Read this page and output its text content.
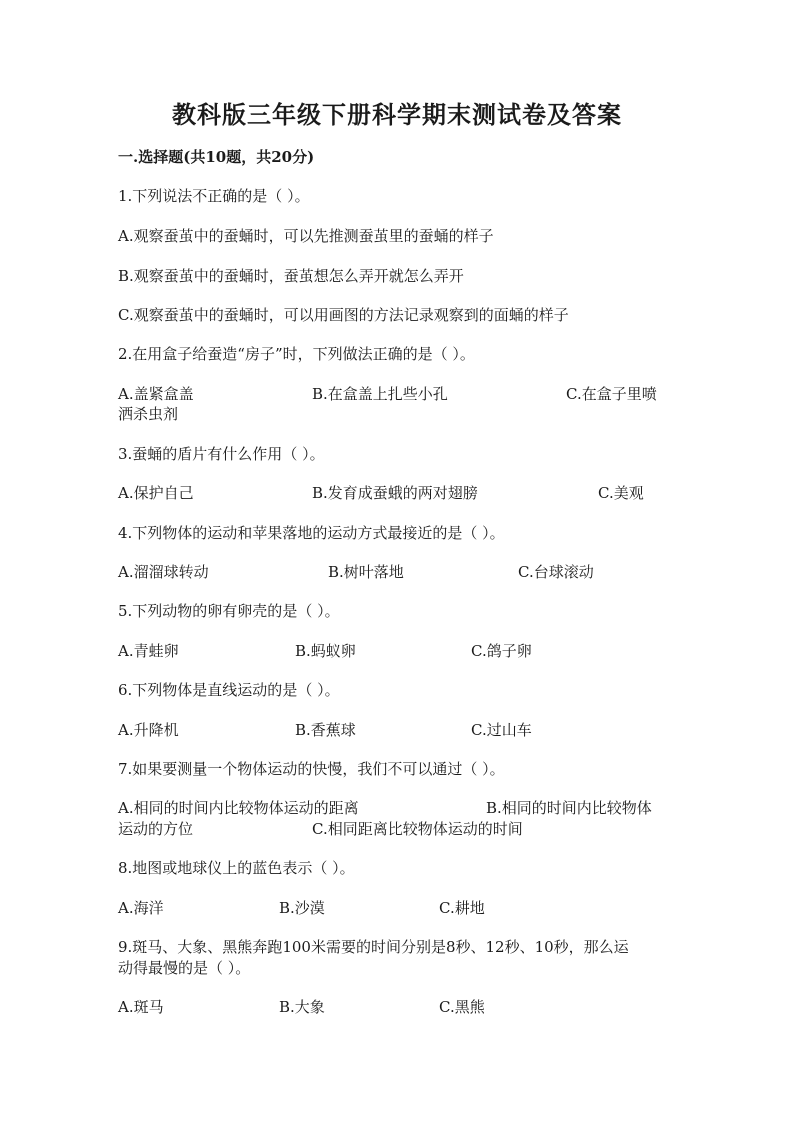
教科版三年级下册科学期末测试卷及答案
一.选择题(共10题，共20分)
1.下列说法不正确的是（ ）。
A.观察蚕茧中的蚕蛹时，可以先推测蚕茧里的蚕蛹的样子
B.观察蚕茧中的蚕蛹时，蚕茧想怎么弄开就怎么弄开
C.观察蚕茧中的蚕蛹时，可以用画图的方法记录观察到的面蛹的样子
2.在用盒子给蚕造“房子”时，下列做法正确的是（ ）。
A.盖紧盒盖	B.在盒盖上扎些小孔	C.在盒子里喷
洒杀虫剂
3.蚕蛹的盾片有什么作用（ ）。
A.保护自己	B.发育成蚕蛾的两对翅膀	C.美观
4.下列物体的运动和苹果落地的运动方式最接近的是（ ）。
A.溜溜球转动	B.树叶落地	C.台球滚动
5.下列动物的卵有卵壳的是（ ）。
A.青蛙卵	B.蚂蚁卵	C.鸽子卵
6.下列物体是直线运动的是（ ）。
A.升降机	B.香蕉球	C.过山车
7.如果要测量一个物体运动的快慢，我们不可以通过（ ）。
A.相同的时间内比较物体运动的距离	B.相同的时间内比较物体
运动的方位	C.相同距离比较物体运动的时间
8.地图或地球仪上的蓝色表示（ ）。
A.海洋	B.沙漠	C.耕地
9.斑马、大象、黑熊奔跑100米需要的时间分别是8秒、12秒、10秒，那么运
动得最慢的是（ ）。
A.斑马	B.大象	C.黑熊
